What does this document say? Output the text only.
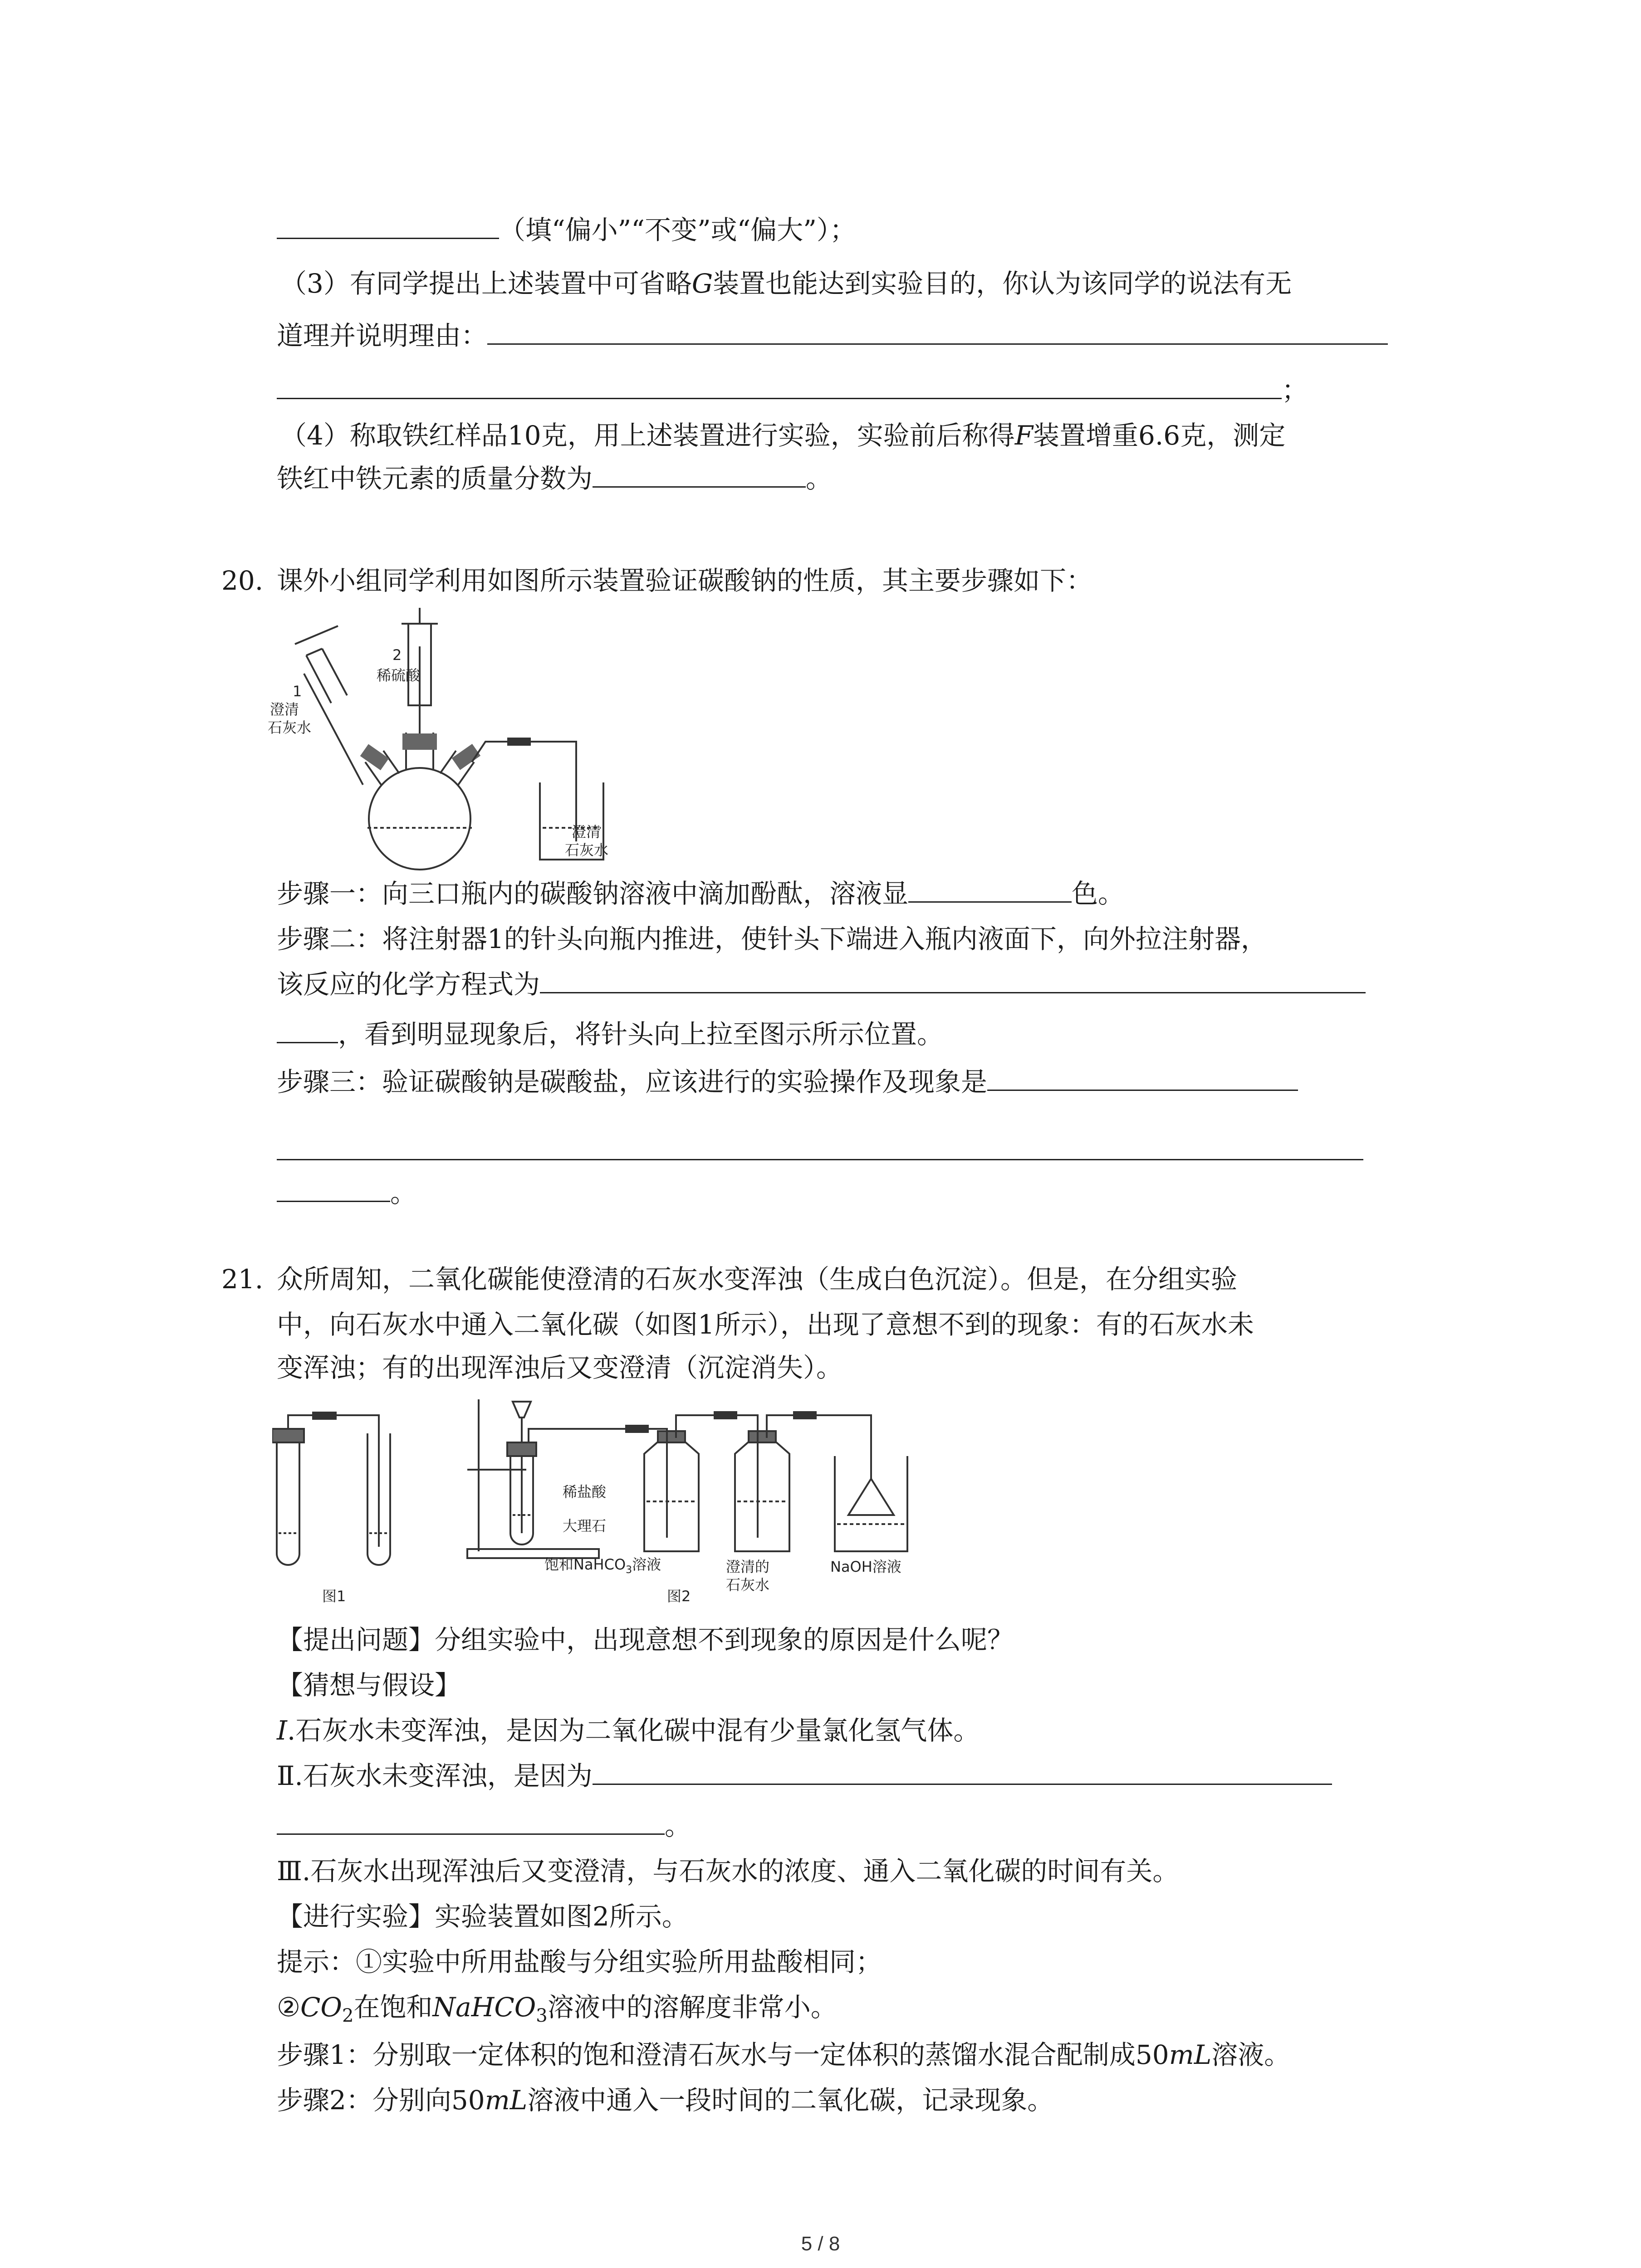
（填“偏小”“不变”或“偏大”）；
（3）有同学提出上述装置中可省略G装置也能达到实验目的，你认为该同学的说法有无
道理并说明理由：
；
（4）称取铁红样品10克，用上述装置进行实验，实验前后称得F装置增重6.6克，测定
铁红中铁元素的质量分数为	。
20. 课外小组同学利用如图所示装置验证碳酸钠的性质，其主要步骤如下：
1
澄清
石灰水
2
稀硫酸
澄清
石灰水
步骤一：向三口瓶内的碳酸钠溶液中滴加酚酞，溶液显	色。
步骤二：将注射器1的针头向瓶内推进，使针头下端进入瓶内液面下，向外拉注射器，
该反应的化学方程式为
，看到明显现象后，将针头向上拉至图示所示位置。
步骤三：验证碳酸钠是碳酸盐，应该进行的实验操作及现象是
。
21. 众所周知，二氧化碳能使澄清的石灰水变浑浊（生成白色沉淀）。但是，在分组实验
中，向石灰水中通入二氧化碳（如图1所示），出现了意想不到的现象：有的石灰水未
变浑浊；有的出现浑浊后又变澄清（沉淀消失）。
图1	图2
稀盐酸
大理石
饱和NaHCO$_3$溶液	澄清的
石灰水
NaOH溶液
【提出问题】分组实验中，出现意想不到现象的原因是什么呢？
【猜想与假设】
I.石灰水未变浑浊，是因为二氧化碳中混有少量氯化氢气体。
Ⅱ.石灰水未变浑浊，是因为
。
Ⅲ.石灰水出现浑浊后又变澄清，与石灰水的浓度、通入二氧化碳的时间有关。
【进行实验】实验装置如图2所示。
提示：①实验中所用盐酸与分组实验所用盐酸相同；
$②CO_2$在饱和NaHCO$_3$溶液中的溶解度非常小。
步骤1：分别取一定体积的饱和澄清石灰水与一定体积的蒸馏水混合配制成50mL溶液。
步骤2：分别向50mL溶液中通入一段时间的二氧化碳，记录现象。
5 / 8
